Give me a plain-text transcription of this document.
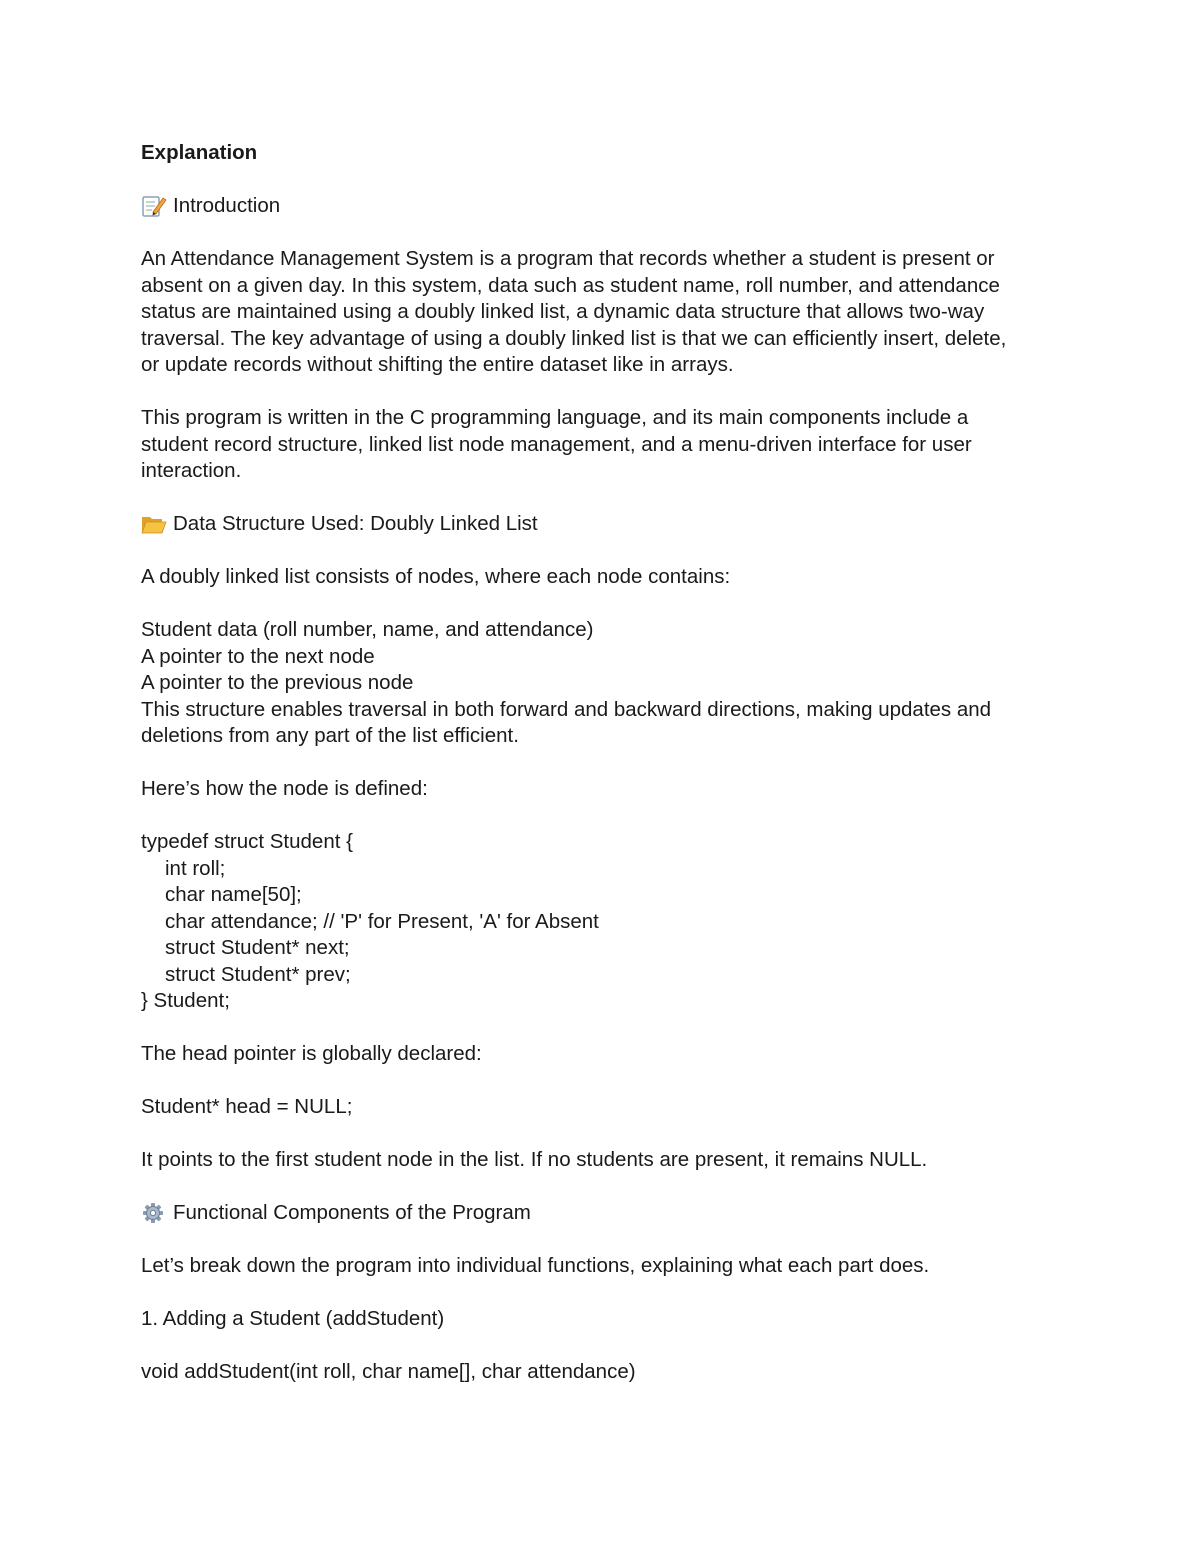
Explanation

Introduction

An Attendance Management System is a program that records whether a student is present or

absent on a given day. In this system, data such as student name, roll number, and attendance

status are maintained using a doubly linked list, a dynamic data structure that allows two-way

traversal. The key advantage of using a doubly linked list is that we can efficiently insert, delete,

or update records without shifting the entire dataset like in arrays.

This program is written in the C programming language, and its main components include a

student record structure, linked list node management, and a menu-driven interface for user

interaction.

Data Structure Used: Doubly Linked List

A doubly linked list consists of nodes, where each node contains:

Student data (roll number, name, and attendance)

A pointer to the next node

A pointer to the previous node

This structure enables traversal in both forward and backward directions, making updates and

deletions from any part of the list efficient.

Here’s how the node is defined:

typedef struct Student {

int roll;

char name[50];

char attendance; // 'P' for Present, 'A' for Absent

struct Student* next;

struct Student* prev;

} Student;

The head pointer is globally declared:

Student* head = NULL;

It points to the first student node in the list. If no students are present, it remains NULL.

Functional Components of the Program

Let’s break down the program into individual functions, explaining what each part does.

1. Adding a Student (addStudent)

void addStudent(int roll, char name[], char attendance)
